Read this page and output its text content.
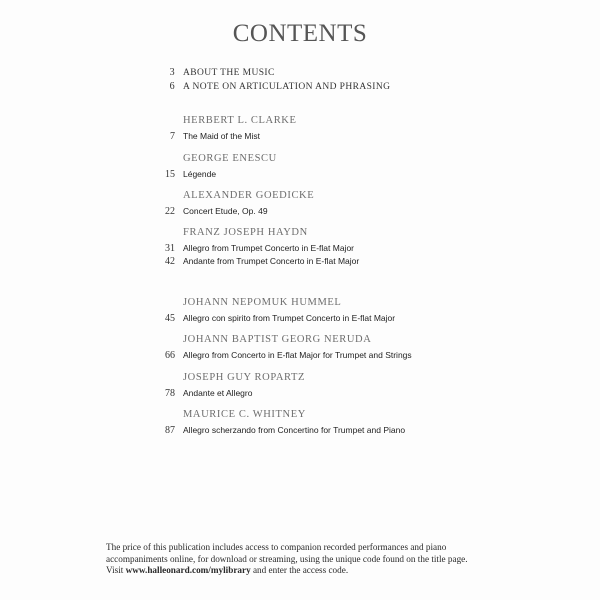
CONTENTS
3 ABOUT THE MUSIC
6 A NOTE ON ARTICULATION AND PHRASING
HERBERT L. CLARKE
7 The Maid of the Mist
GEORGE ENESCU
15 Légende
ALEXANDER GOEDICKE
22 Concert Etude, Op. 49
FRANZ JOSEPH HAYDN
31 Allegro from Trumpet Concerto in E-flat Major
42 Andante from Trumpet Concerto in E-flat Major
JOHANN NEPOMUK HUMMEL
45 Allegro con spirito from Trumpet Concerto in E-flat Major
JOHANN BAPTIST GEORG NERUDA
66 Allegro from Concerto in E-flat Major for Trumpet and Strings
JOSEPH GUY ROPARTZ
78 Andante et Allegro
MAURICE C. WHITNEY
87 Allegro scherzando from Concertino for Trumpet and Piano
The price of this publication includes access to companion recorded performances and piano
accompaniments online, for download or streaming, using the unique code found on the title page.
Visit www.halleonard.com/mylibrary and enter the access code.
